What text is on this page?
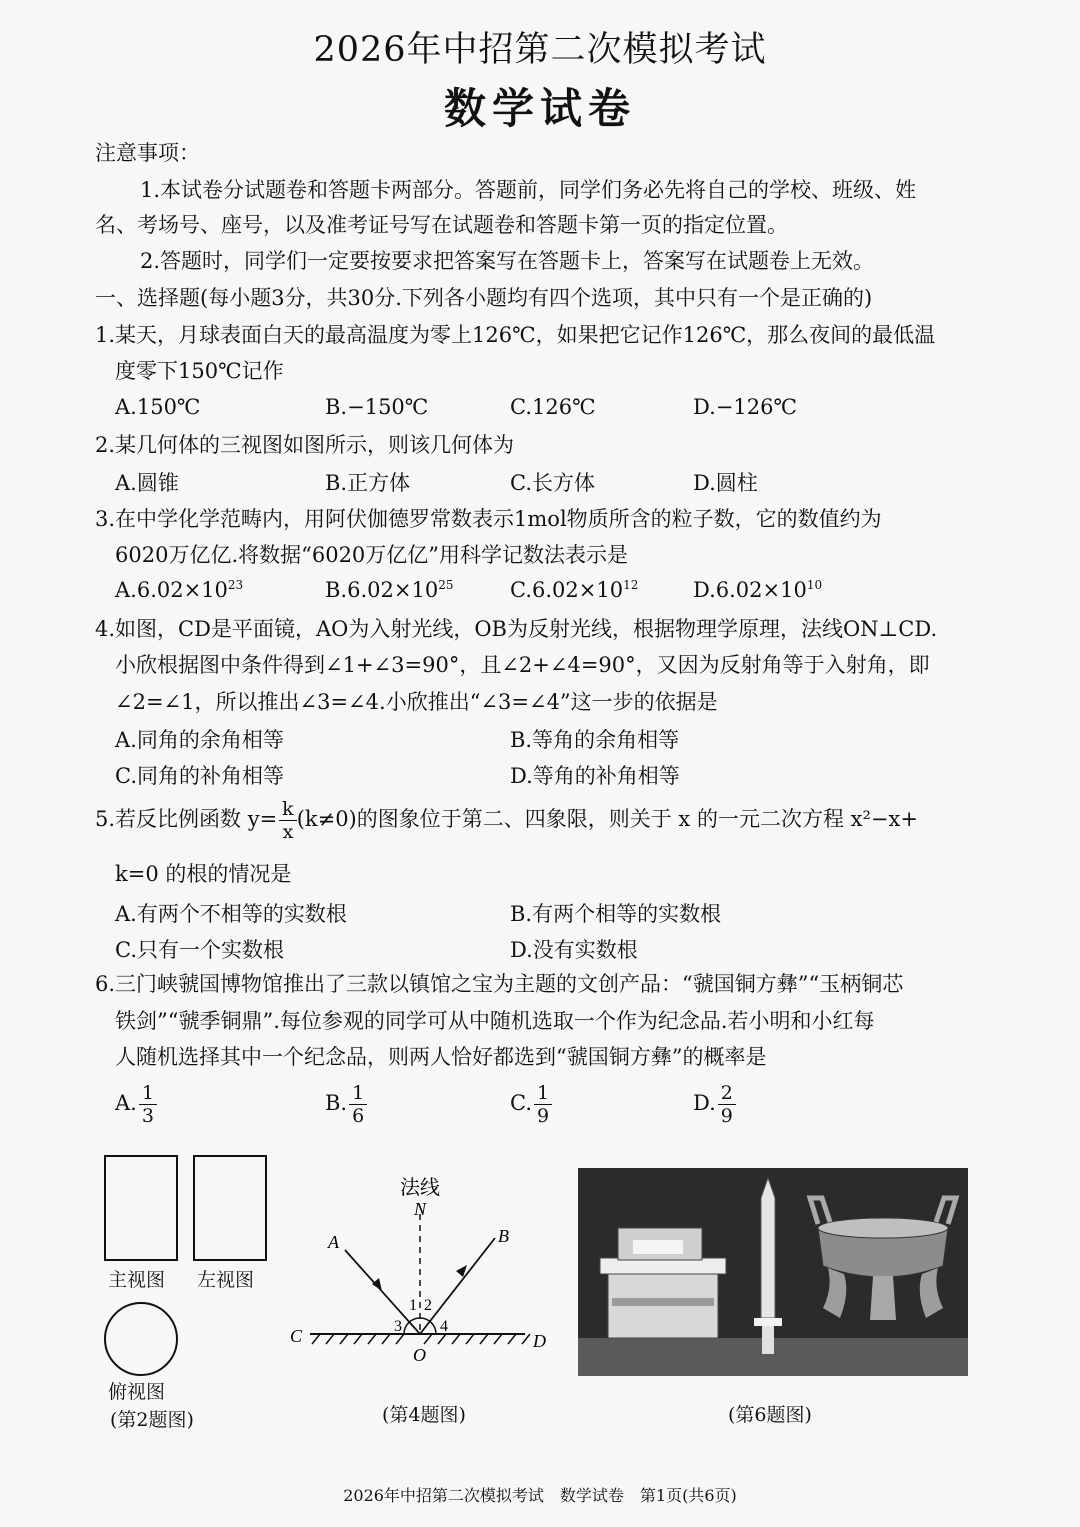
2026年中招第二次模拟考试
数学试卷
注意事项：
1.本试卷分试题卷和答题卡两部分。答题前，同学们务必先将自己的学校、班级、姓
名、考场号、座号，以及准考证号写在试题卷和答题卡第一页的指定位置。
2.答题时，同学们一定要按要求把答案写在答题卡上，答案写在试题卷上无效。
一、选择题(每小题3分，共30分.下列各小题均有四个选项，其中只有一个是正确的)
1.某天，月球表面白天的最高温度为零上126℃，如果把它记作126℃，那么夜间的最低温
度零下150℃记作
A.150℃	B.−150℃	C.126℃	D.−126℃
2.某几何体的三视图如图所示，则该几何体为
A.圆锥	B.正方体	C.长方体	D.圆柱
3.在中学化学范畴内，用阿伏伽德罗常数表示1mol物质所含的粒子数，它的数值约为
6020万亿亿.将数据“6020万亿亿”用科学记数法表示是
$A.6.02\times 10^{23}$	$B.6.02\times 10^{25}$	$C.6.02\times 10^{12}$	$D.6.02\times 10^{10}$
4.如图，CD是平面镜，AO为入射光线，OB为反射光线，根据物理学原理，法线ON⊥CD.
小欣根据图中条件得到∠1+∠3=90°，且∠2+∠4=90°，又因为反射角等于入射角，即
∠2=∠1，所以推出∠3=∠4.小欣推出“∠3=∠4”这一步的依据是
A.同角的余角相等	B.等角的余角相等
C.同角的补角相等	D.等角的补角相等
5.若反比例函数 $y= \frac{k}{x} (k\ne 0)$的图象位于第二、四象限，则关于 x 的一元二次方程 x²−x+
k=0 的根的情况是
A.有两个不相等的实数根	B.有两个相等的实数根
C.只有一个实数根	D.没有实数根
6.三门峡虢国博物馆推出了三款以镇馆之宝为主题的文创产品：“虢国铜方彝”“玉柄铜芯
铁剑”“虢季铜鼎”.每位参观的同学可从中随机选取一个作为纪念品.若小明和小红每
人随机选择其中一个纪念品，则两人恰好都选到“虢国铜方彝”的概率是
A. $\frac{1}{3}$	B. $\frac{1}{6}$	C. $\frac{1}{9}$	D. $\frac{2}{9}$
主视图 左视图
俯视图
(第2题图)
法线
N
A	B
C	D
O
1 2
3 4
(第4题图)	(第6题图)
2026年中招第二次模拟考试　数学试卷　第1页(共6页)
